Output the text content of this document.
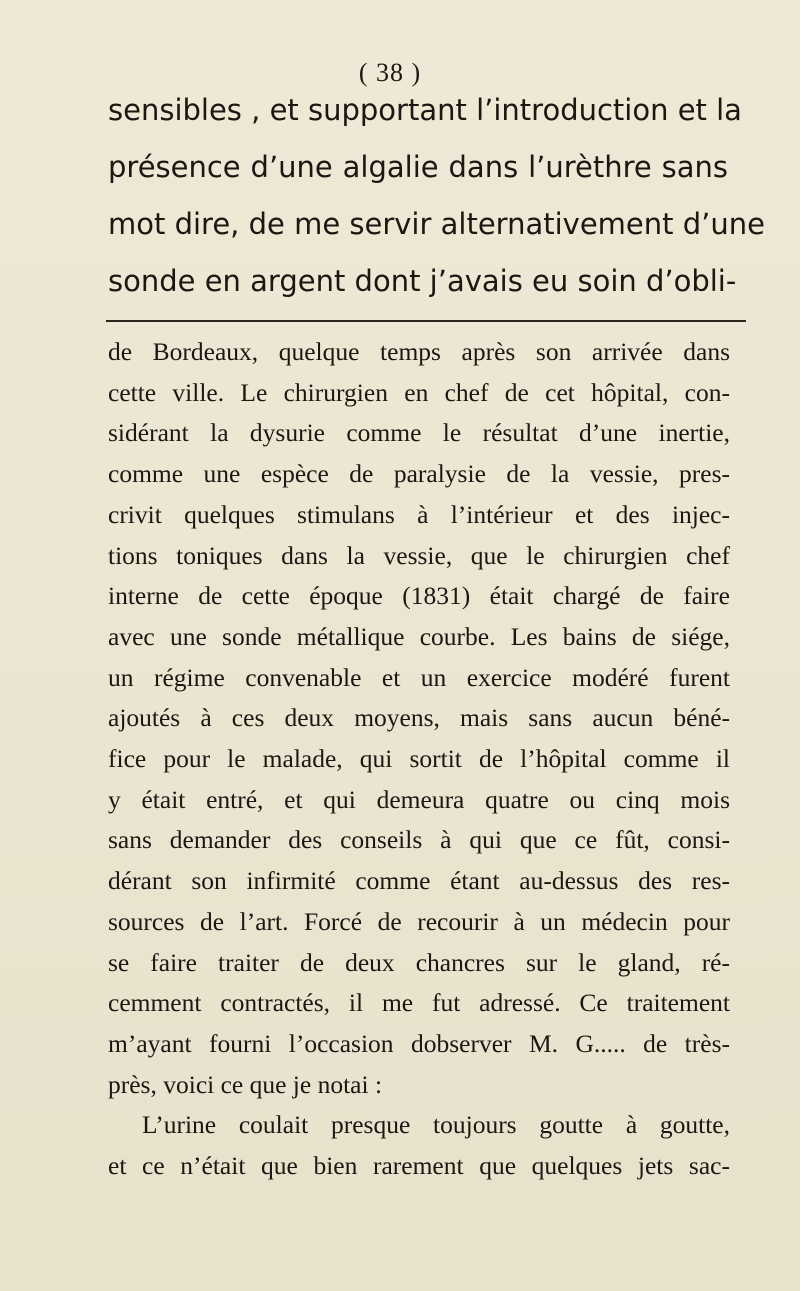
( 38 )
sensibles , et supportant l’introduction et la
présence d’une algalie dans l’urèthre sans
mot dire, de me servir alternativement d’une
sonde en argent dont j’avais eu soin d’obli-
de Bordeaux, quelque temps après son arrivée dans
cette ville. Le chirurgien en chef de cet hôpital, con-
sidérant la dysurie comme le résultat d’une inertie,
comme une espèce de paralysie de la vessie, pres-
crivit quelques stimulans à l’intérieur et des injec-
tions toniques dans la vessie, que le chirurgien chef
interne de cette époque (1831) était chargé de faire
avec une sonde métallique courbe. Les bains de siége,
un régime convenable et un exercice modéré furent
ajoutés à ces deux moyens, mais sans aucun béné-
fice pour le malade, qui sortit de l’hôpital comme il
y était entré, et qui demeura quatre ou cinq mois
sans demander des conseils à qui que ce fût, consi-
dérant son infirmité comme étant au-dessus des res-
sources de l’art. Forcé de recourir à un médecin pour
se faire traiter de deux chancres sur le gland, ré-
cemment contractés, il me fut adressé. Ce traitement
m’ayant fourni l’occasion dobserver M. G..... de très-
près, voici ce que je notai :
L’urine coulait presque toujours goutte à goutte,
et ce n’était que bien rarement que quelques jets sac-
